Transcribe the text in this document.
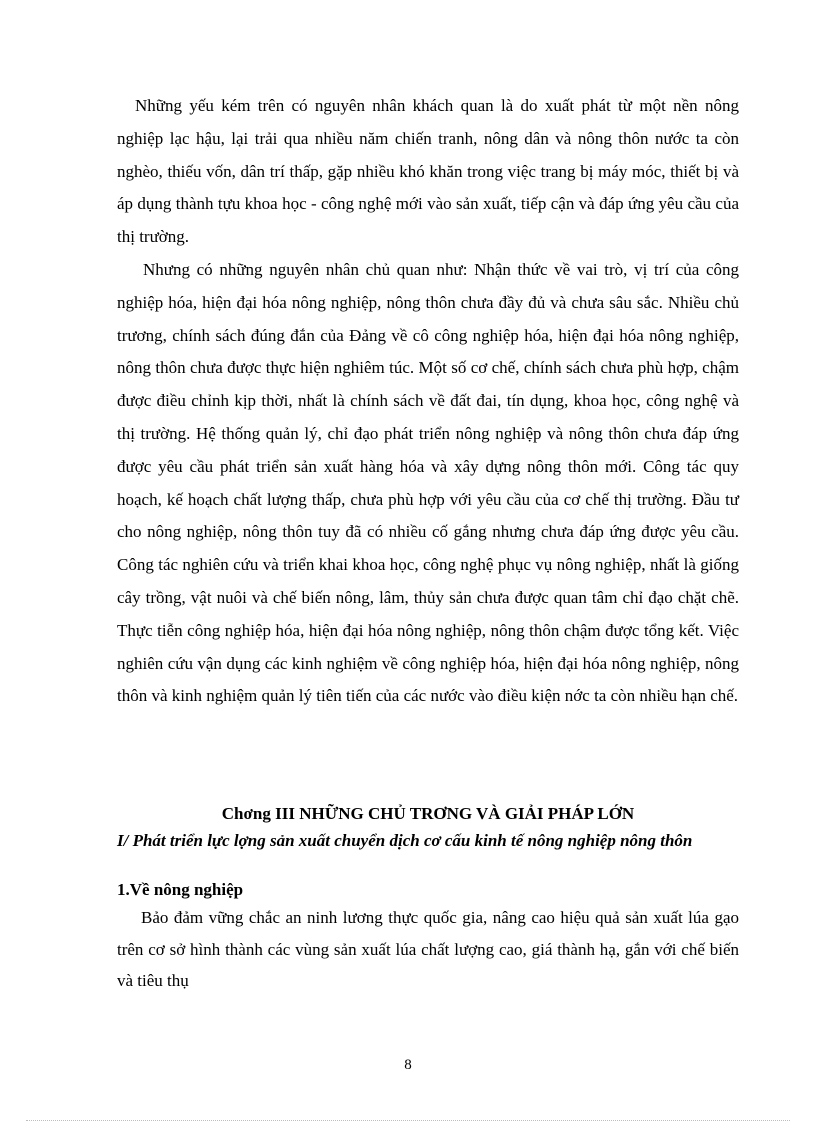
Những yếu kém trên có nguyên nhân khách quan là do xuất phát từ một nền nông nghiệp lạc hậu, lại trải qua nhiều năm chiến tranh, nông dân và nông thôn nước ta còn nghèo, thiếu vốn, dân trí thấp, gặp nhiều khó khăn trong việc trang bị máy móc, thiết bị và áp dụng thành tựu khoa học - công nghệ mới vào sản xuất, tiếp cận và đáp ứng yêu cầu của thị trường.

Nhưng có những nguyên nhân chủ quan như: Nhận thức về vai trò, vị trí của công nghiệp hóa, hiện đại hóa nông nghiệp, nông thôn chưa đầy đủ và chưa sâu sắc. Nhiều chủ trương, chính sách đúng đắn của Đảng về cô công nghiệp hóa, hiện đại hóa nông nghiệp, nông thôn chưa được thực hiện nghiêm túc. Một số cơ chế, chính sách chưa phù hợp, chậm được điều chỉnh kịp thời, nhất là chính sách về đất đai, tín dụng, khoa học, công nghệ và thị trường. Hệ thống quản lý, chỉ đạo phát triển nông nghiệp và nông thôn chưa đáp ứng được yêu cầu phát triển sản xuất hàng hóa và xây dựng nông thôn mới. Công tác quy hoạch, kế hoạch chất lượng thấp, chưa phù hợp với yêu cầu của cơ chế thị trường. Đầu tư cho nông nghiệp, nông thôn tuy đã có nhiều cố gắng nhưng chưa đáp ứng được yêu cầu. Công tác nghiên cứu và triển khai khoa học, công nghệ phục vụ nông nghiệp, nhất là giống cây trồng, vật nuôi và chế biến nông, lâm, thủy sản chưa được quan tâm chỉ đạo chặt chẽ. Thực tiễn công nghiệp hóa, hiện đại hóa nông nghiệp, nông thôn chậm được tổng kết. Việc nghiên cứu vận dụng các kinh nghiệm về công nghiệp hóa, hiện đại hóa nông nghiệp, nông thôn và kinh nghiệm quản lý tiên tiến của các nước vào điều kiện nớc ta còn nhiều hạn chế.

Chơng III NHỮNG CHỦ TRƠNG VÀ GIẢI PHÁP LỚN
I/ Phát triển lực lợng sản xuất chuyển dịch cơ cấu kinh tế nông nghiệp nông thôn
1.Về nông nghiệp

Bảo đảm vững chắc an ninh lương thực quốc gia, nâng cao hiệu quả sản xuất lúa gạo trên cơ sở hình thành các vùng sản xuất lúa chất lượng cao, giá thành hạ, gắn với chế biến và tiêu thụ

8
